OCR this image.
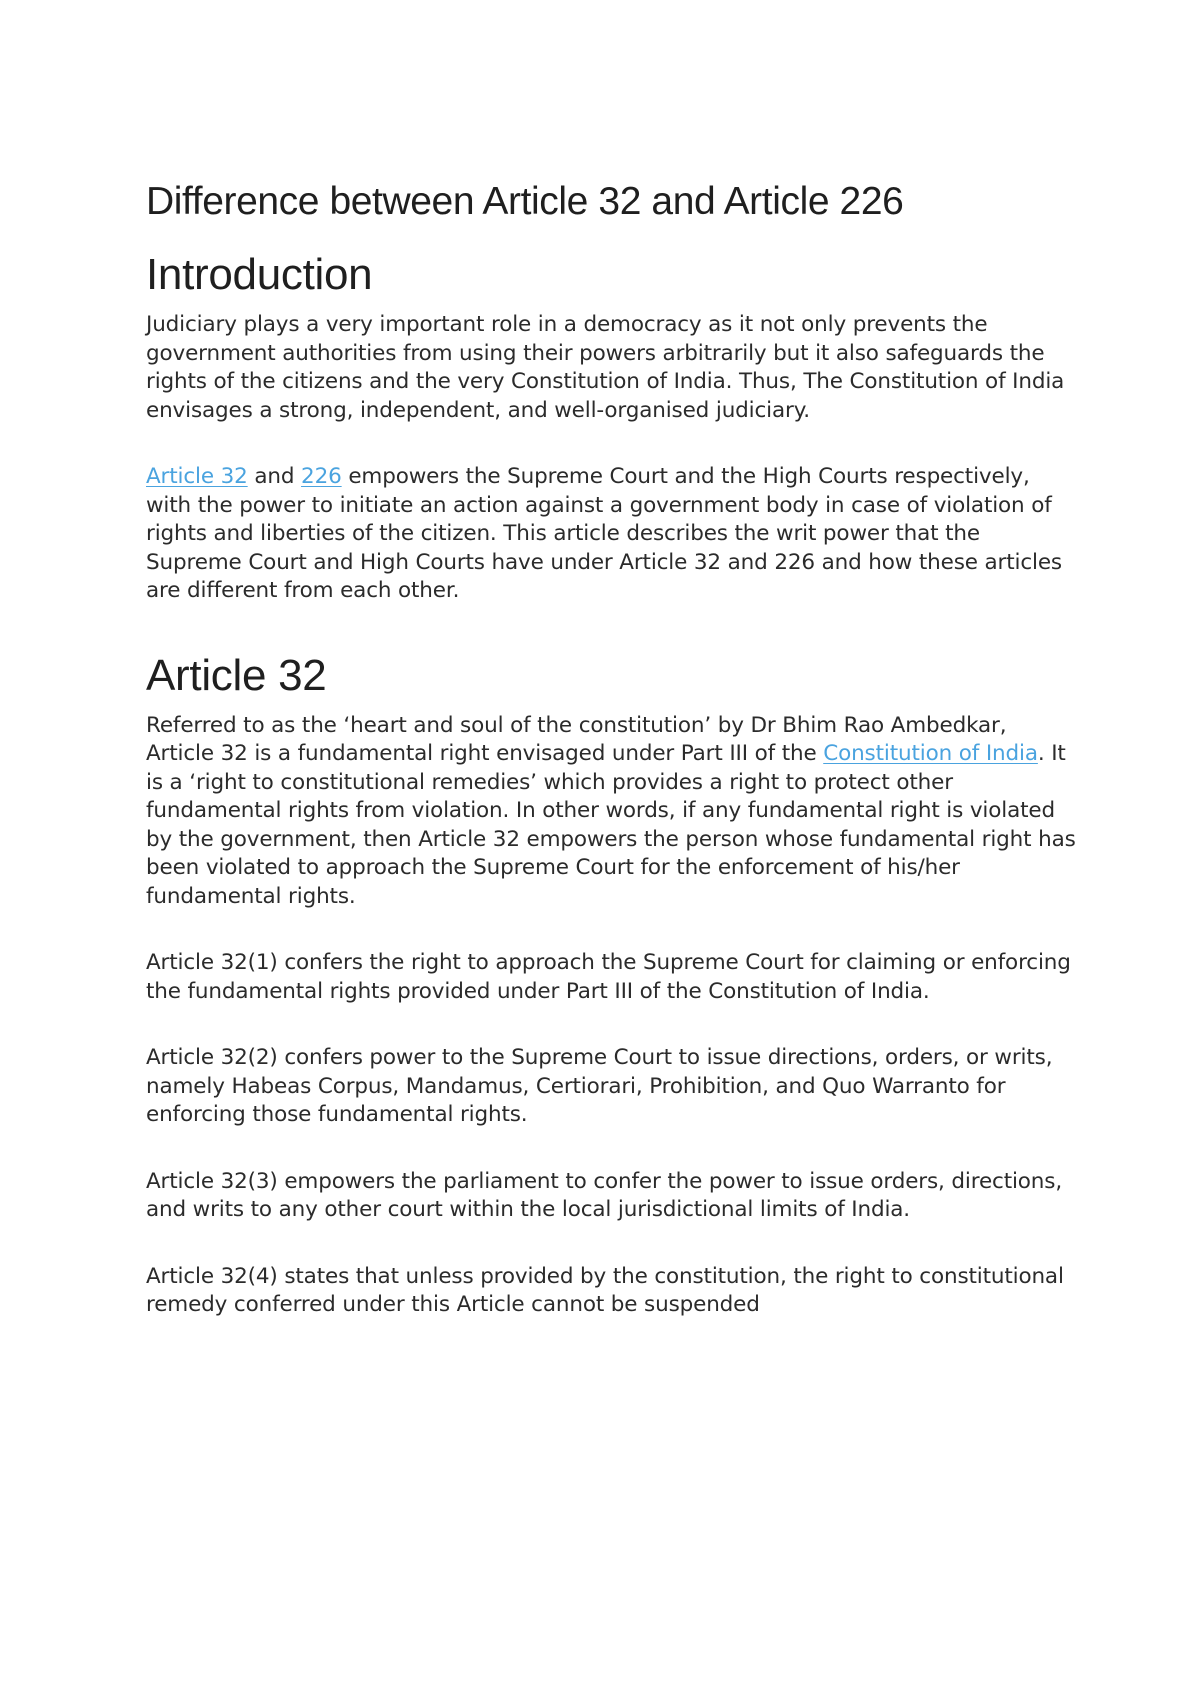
Difference between Article 32 and Article 226
Introduction

Judiciary plays a very important role in a democracy as it not only prevents the government authorities from using their powers arbitrarily but it also safeguards the rights of the citizens and the very Constitution of India. Thus, The Constitution of India envisages a strong, independent, and well-organised judiciary.

Article 32 and 226 empowers the Supreme Court and the High Courts respectively, with the power to initiate an action against a government body in case of violation of rights and liberties of the citizen. This article describes the writ power that the Supreme Court and High Courts have under Article 32 and 226 and how these articles are different from each other.

Article 32

Referred to as the ‘heart and soul of the constitution’ by Dr Bhim Rao Ambedkar, Article 32 is a fundamental right envisaged under Part III of the Constitution of India. It is a ‘right to constitutional remedies’ which provides a right to protect other fundamental rights from violation. In other words, if any fundamental right is violated by the government, then Article 32 empowers the person whose fundamental right has been violated to approach the Supreme Court for the enforcement of his/her fundamental rights.

Article 32(1) confers the right to approach the Supreme Court for claiming or enforcing the fundamental rights provided under Part III of the Constitution of India.

Article 32(2) confers power to the Supreme Court to issue directions, orders, or writs, namely Habeas Corpus, Mandamus, Certiorari, Prohibition, and Quo Warranto for enforcing those fundamental rights.

Article 32(3) empowers the parliament to confer the power to issue orders, directions, and writs to any other court within the local jurisdictional limits of India.

Article 32(4) states that unless provided by the constitution, the right to constitutional remedy conferred under this Article cannot be suspended
